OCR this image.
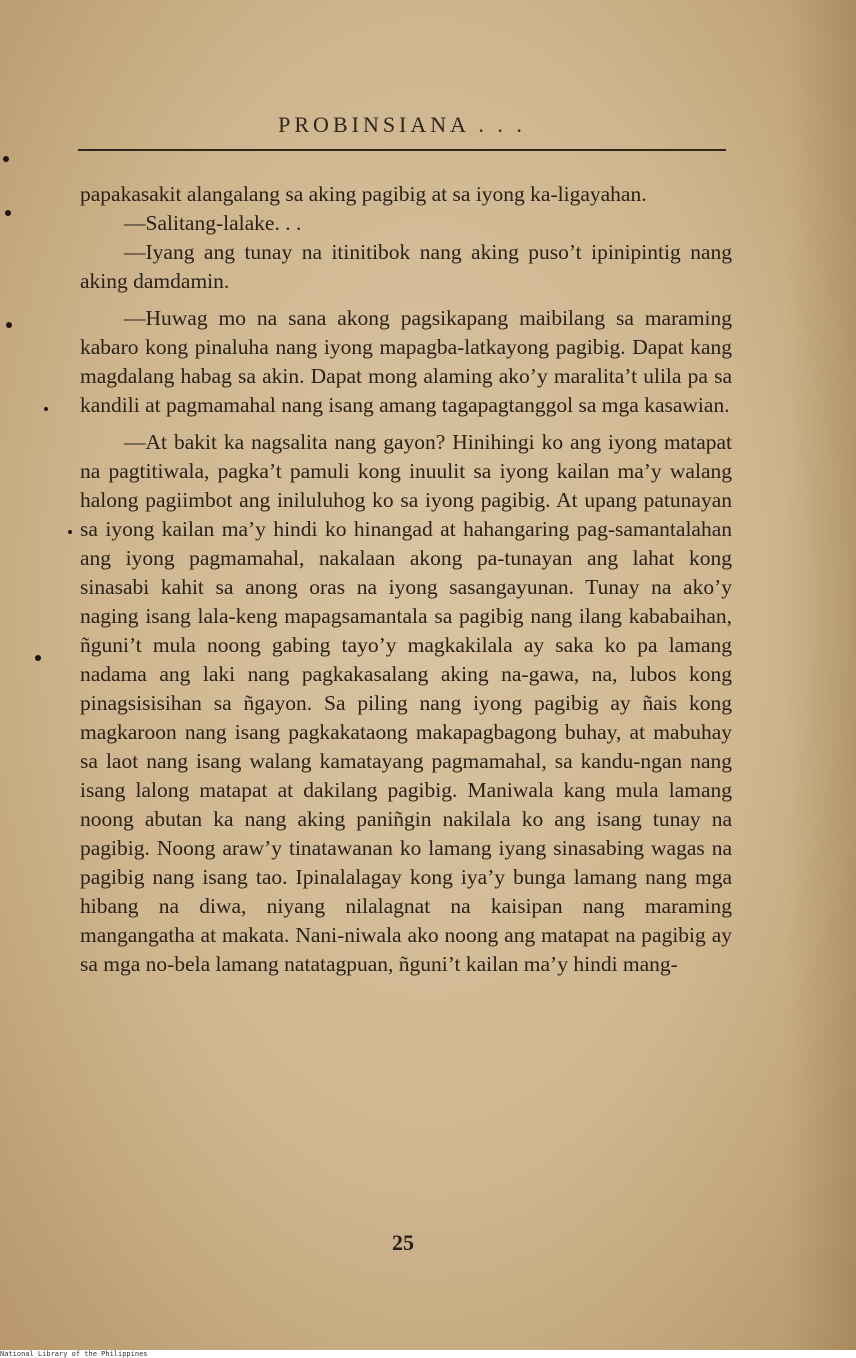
PROBINSIANA . . .

papakasakit alangalang sa aking pagibig at sa iyong ka-ligayahan.

—Salitang-lalake. . .

—Iyang ang tunay na itinitibok nang aking puso’t ipinipintig nang aking damdamin.

—Huwag mo na sana akong pagsikapang maibilang sa maraming kabaro kong pinaluha nang iyong mapagba-latkayong pagibig. Dapat kang magdalang habag sa akin. Dapat mong alaming ako’y maralita’t ulila pa sa kandili at pagmamahal nang isang amang tagapagtanggol sa mga kasawian.

—At bakit ka nagsalita nang gayon? Hinihingi ko ang iyong matapat na pagtitiwala, pagka’t pamuli kong inuulit sa iyong kailan ma’y walang halong pagiimbot ang iniluluhog ko sa iyong pagibig. At upang patunayan sa iyong kailan ma’y hindi ko hinangad at hahangaring pag-samantalahan ang iyong pagmamahal, nakalaan akong pa-tunayan ang lahat kong sinasabi kahit sa anong oras na iyong sasangayunan. Tunay na ako’y naging isang lala-keng mapagsamantala sa pagibig nang ilang kababaihan, ñguni’t mula noong gabing tayo’y magkakilala ay saka ko pa lamang nadama ang laki nang pagkakasalang aking na-gawa, na, lubos kong pinagsisisihan sa ñgayon. Sa piling nang iyong pagibig ay ñais kong magkaroon nang isang pagkakataong makapagbagong buhay, at mabuhay sa laot nang isang walang kamatayang pagmamahal, sa kandu-ngan nang isang lalong matapat at dakilang pagibig. Maniwala kang mula lamang noong abutan ka nang aking paniñgin nakilala ko ang isang tunay na pagibig. Noong araw’y tinatawanan ko lamang iyang sinasabing wagas na pagibig nang isang tao. Ipinalalagay kong iya’y bunga lamang nang mga hibang na diwa, niyang nilalagnat na kaisipan nang maraming mangangatha at makata. Nani-niwala ako noong ang matapat na pagibig ay sa mga no-bela lamang natatagpuan, ñguni’t kailan ma’y hindi mang-

25
National Library of the Philippines
